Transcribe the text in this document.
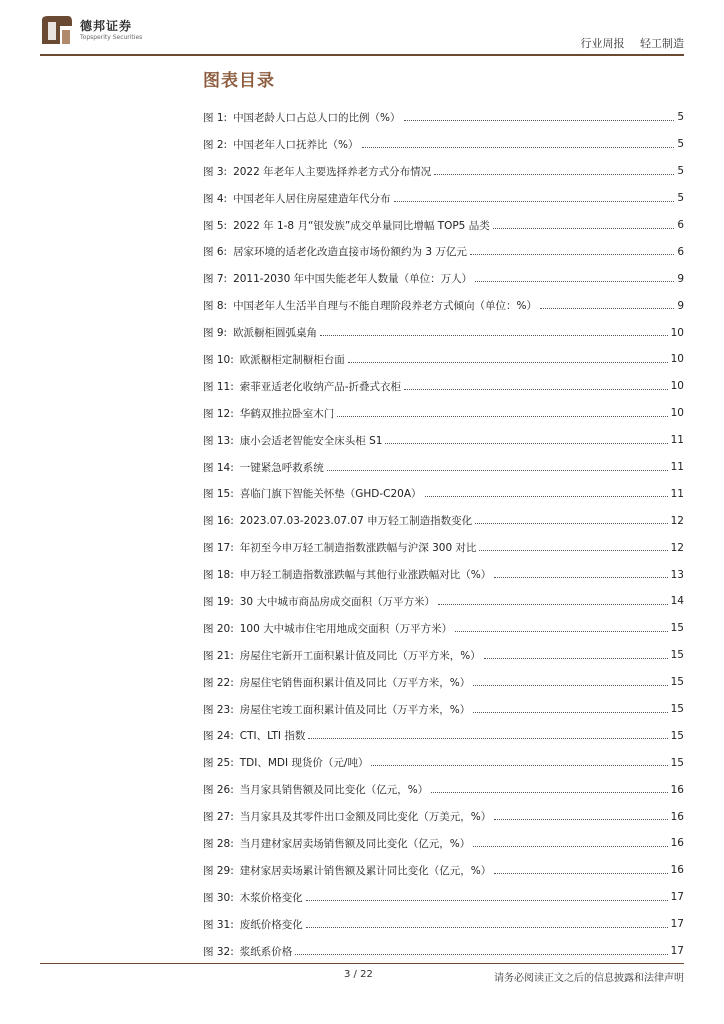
德邦证券
Topsperity Securities	行业周报 轻工制造
图表目录
图 1: 中国老龄人口占总人口的比例（%）	5
图 2: 中国老年人口抚养比（%）	5
图 3: 2022 年老年人主要选择养老方式分布情况	5
图 4: 中国老年人居住房屋建造年代分布	5
图 5: 2022 年 1-8 月“银发族”成交单量同比增幅 TOP5 品类	6
图 6: 居家环境的适老化改造直接市场份额约为 3 万亿元	6
图 7: 2011-2030 年中国失能老年人数量（单位：万人）	9
图 8: 中国老年人生活半自理与不能自理阶段养老方式倾向（单位：%）	9
图 9: 欧派橱柜圆弧桌角	10
图 10: 欧派橱柜定制橱柜台面	10
图 11: 索菲亚适老化收纳产品-折叠式衣柜	10
图 12: 华鹤双推拉卧室木门	10
图 13: 康小会适老智能安全床头柜 S1	11
图 14: 一键紧急呼救系统	11
图 15: 喜临门旗下智能关怀垫（GHD-C20A）	11
图 16: 2023.07.03-2023.07.07 申万轻工制造指数变化	12
图 17: 年初至今申万轻工制造指数涨跌幅与沪深 300 对比	12
图 18: 申万轻工制造指数涨跌幅与其他行业涨跌幅对比（%）	13
图 19: 30 大中城市商品房成交面积（万平方米）	14
图 20: 100 大中城市住宅用地成交面积（万平方米）	15
图 21: 房屋住宅新开工面积累计值及同比（万平方米，%）	15
图 22: 房屋住宅销售面积累计值及同比（万平方米，%）	15
图 23: 房屋住宅竣工面积累计值及同比（万平方米，%）	15
图 24: CTI、LTI 指数	15
图 25: TDI、MDI 现货价（元/吨）	15
图 26: 当月家具销售额及同比变化（亿元，%）	16
图 27: 当月家具及其零件出口金额及同比变化（万美元，%）	16
图 28: 当月建材家居卖场销售额及同比变化（亿元，%）	16
图 29: 建材家居卖场累计销售额及累计同比变化（亿元，%）	16
图 30: 木浆价格变化	17
图 31: 废纸价格变化	17
图 32: 浆纸系价格	17
3 / 22	请务必阅读正文之后的信息披露和法律声明
